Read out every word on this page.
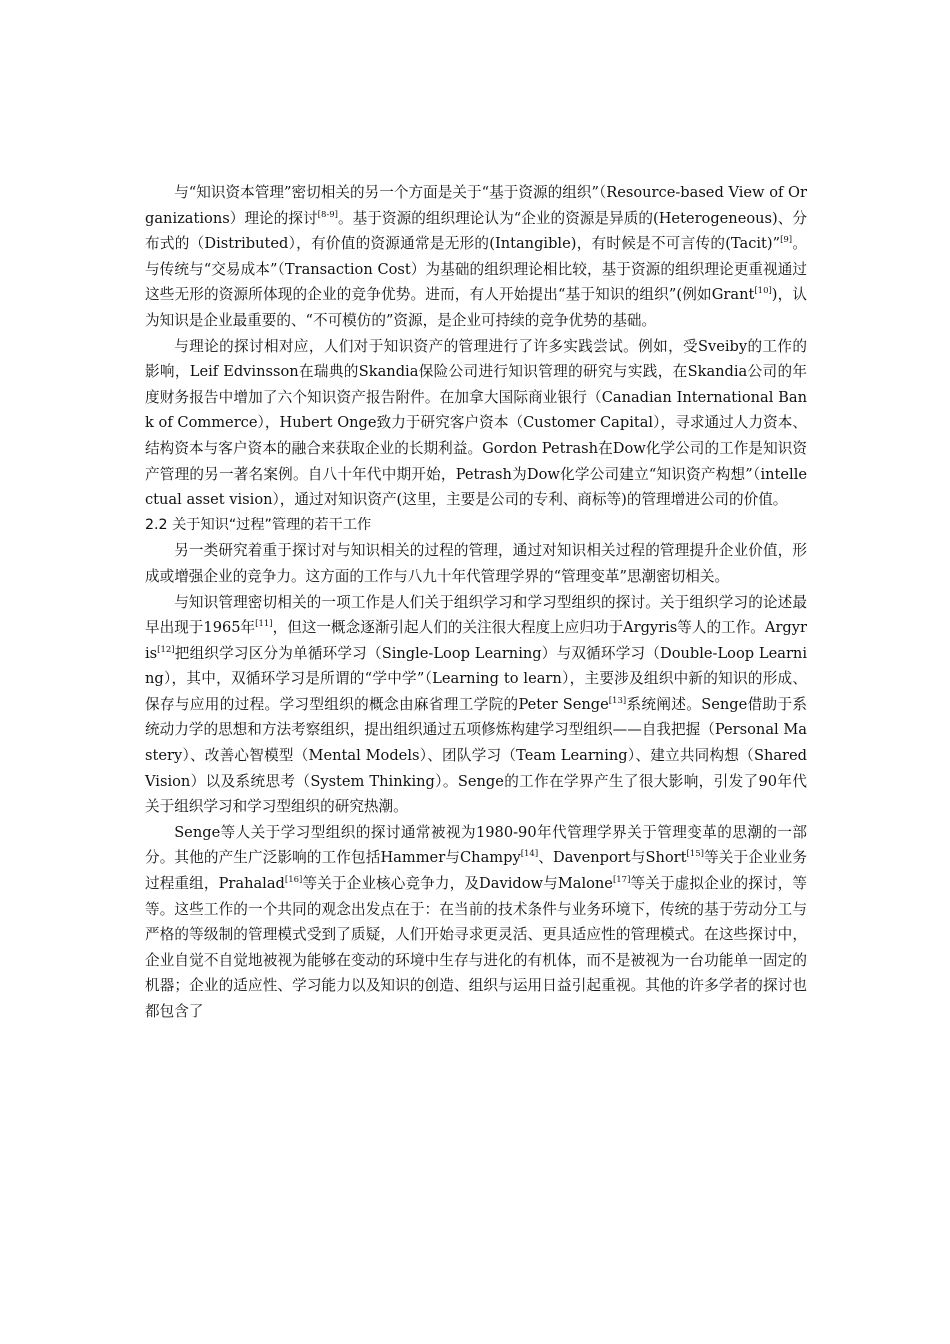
与“知识资本管理”密切相关的另一个方面是关于“基于资源的组织”（Resource-based View of Organizations）理论的探讨[8-9]。基于资源的组织理论认为“企业的资源是异质的(Heterogeneous)、分布式的（Distributed），有价值的资源通常是无形的(Intangible)，有时候是不可言传的(Tacit)”[9]。与传统与“交易成本”（Transaction Cost）为基础的组织理论相比较，基于资源的组织理论更重视通过这些无形的资源所体现的企业的竞争优势。进而，有人开始提出“基于知识的组织”(例如Grant[10])，认为知识是企业最重要的、“不可模仿的”资源，是企业可持续的竞争优势的基础。

与理论的探讨相对应，人们对于知识资产的管理进行了许多实践尝试。例如，受Sveiby的工作的影响，Leif Edvinsson在瑞典的Skandia保险公司进行知识管理的研究与实践，在Skandia公司的年度财务报告中增加了六个知识资产报告附件。在加拿大国际商业银行（Canadian International Bank of Commerce），Hubert Onge致力于研究客户资本（Customer Capital），寻求通过人力资本、结构资本与客户资本的融合来获取企业的长期利益。Gordon Petrash在Dow化学公司的工作是知识资产管理的另一著名案例。自八十年代中期开始，Petrash为Dow化学公司建立“知识资产构想”（intellectual asset vision），通过对知识资产(这里，主要是公司的专利、商标等)的管理增进公司的价值。

2.2 关于知识“过程”管理的若干工作

另一类研究着重于探讨对与知识相关的过程的管理，通过对知识相关过程的管理提升企业价值，形成或增强企业的竞争力。这方面的工作与八九十年代管理学界的“管理变革”思潮密切相关。

与知识管理密切相关的一项工作是人们关于组织学习和学习型组织的探讨。关于组织学习的论述最早出现于1965年[11]，但这一概念逐渐引起人们的关注很大程度上应归功于Argyris等人的工作。Argyris[12]把组织学习区分为单循环学习（Single-Loop Learning）与双循环学习（Double-Loop Learning），其中，双循环学习是所谓的“学中学”（Learning to learn），主要涉及组织中新的知识的形成、保存与应用的过程。学习型组织的概念由麻省理工学院的Peter Senge[13]系统阐述。Senge借助于系统动力学的思想和方法考察组织，提出组织通过五项修炼构建学习型组织——自我把握（Personal Mastery）、改善心智模型（Mental Models）、团队学习（Team Learning）、建立共同构想（Shared Vision）以及系统思考（System Thinking）。Senge的工作在学界产生了很大影响，引发了90年代关于组织学习和学习型组织的研究热潮。

Senge等人关于学习型组织的探讨通常被视为1980-90年代管理学界关于管理变革的思潮的一部分。其他的产生广泛影响的工作包括Hammer与Champy[14]、Davenport与Short[15]等关于企业业务过程重组，Prahalad[16]等关于企业核心竞争力，及Davidow与Malone[17]等关于虚拟企业的探讨，等等。这些工作的一个共同的观念出发点在于：在当前的技术条件与业务环境下，传统的基于劳动分工与严格的等级制的管理模式受到了质疑，人们开始寻求更灵活、更具适应性的管理模式。在这些探讨中，企业自觉不自觉地被视为能够在变动的环境中生存与进化的有机体，而不是被视为一台功能单一固定的机器；企业的适应性、学习能力以及知识的创造、组织与运用日益引起重视。其他的许多学者的探讨也都包含了
